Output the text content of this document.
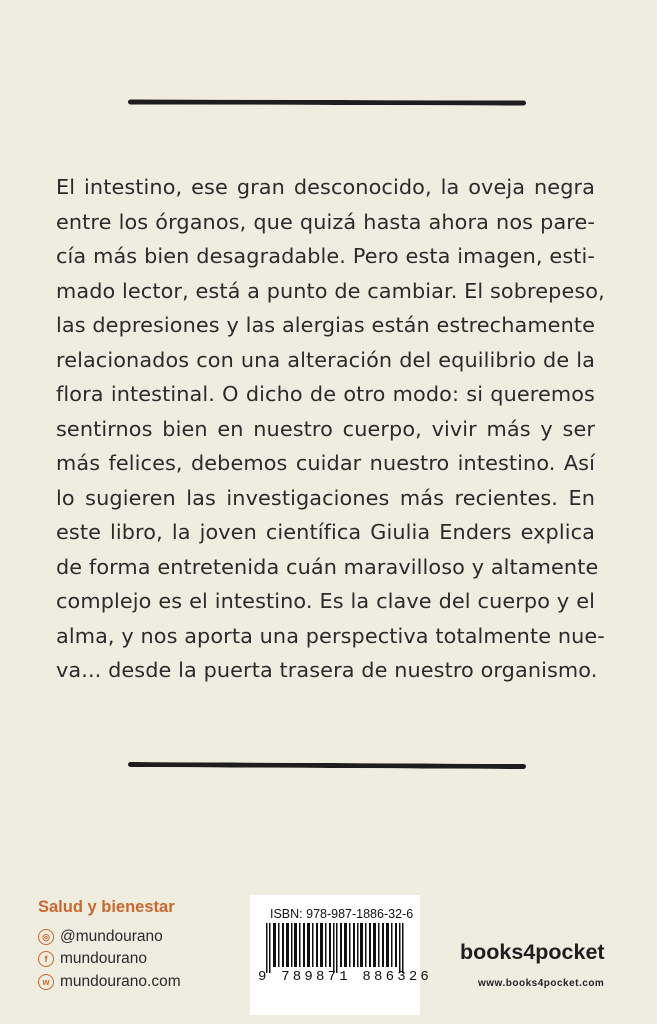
El intestino, ese gran desconocido, la oveja negra
entre los órganos, que quizá hasta ahora nos pare-
cía más bien desagradable. Pero esta imagen, esti-
mado lector, está a punto de cambiar. El sobrepeso,
las depresiones y las alergias están estrechamente
relacionados con una alteración del equilibrio de la
flora intestinal. O dicho de otro modo: si queremos
sentirnos bien en nuestro cuerpo, vivir más y ser
más felices, debemos cuidar nuestro intestino. Así
lo sugieren las investigaciones más recientes. En
este libro, la joven científica Giulia Enders explica
de forma entretenida cuán maravilloso y altamente
complejo es el intestino. Es la clave del cuerpo y el
alma, y nos aporta una perspectiva totalmente nue-
va... desde la puerta trasera de nuestro organismo.

Salud y bienestar

◎ @mundourano
f mundourano
w mundourano.com
ISBN: 978-987-1886-32-6
9 789871 886326
books4pocket
www.books4pocket.com
